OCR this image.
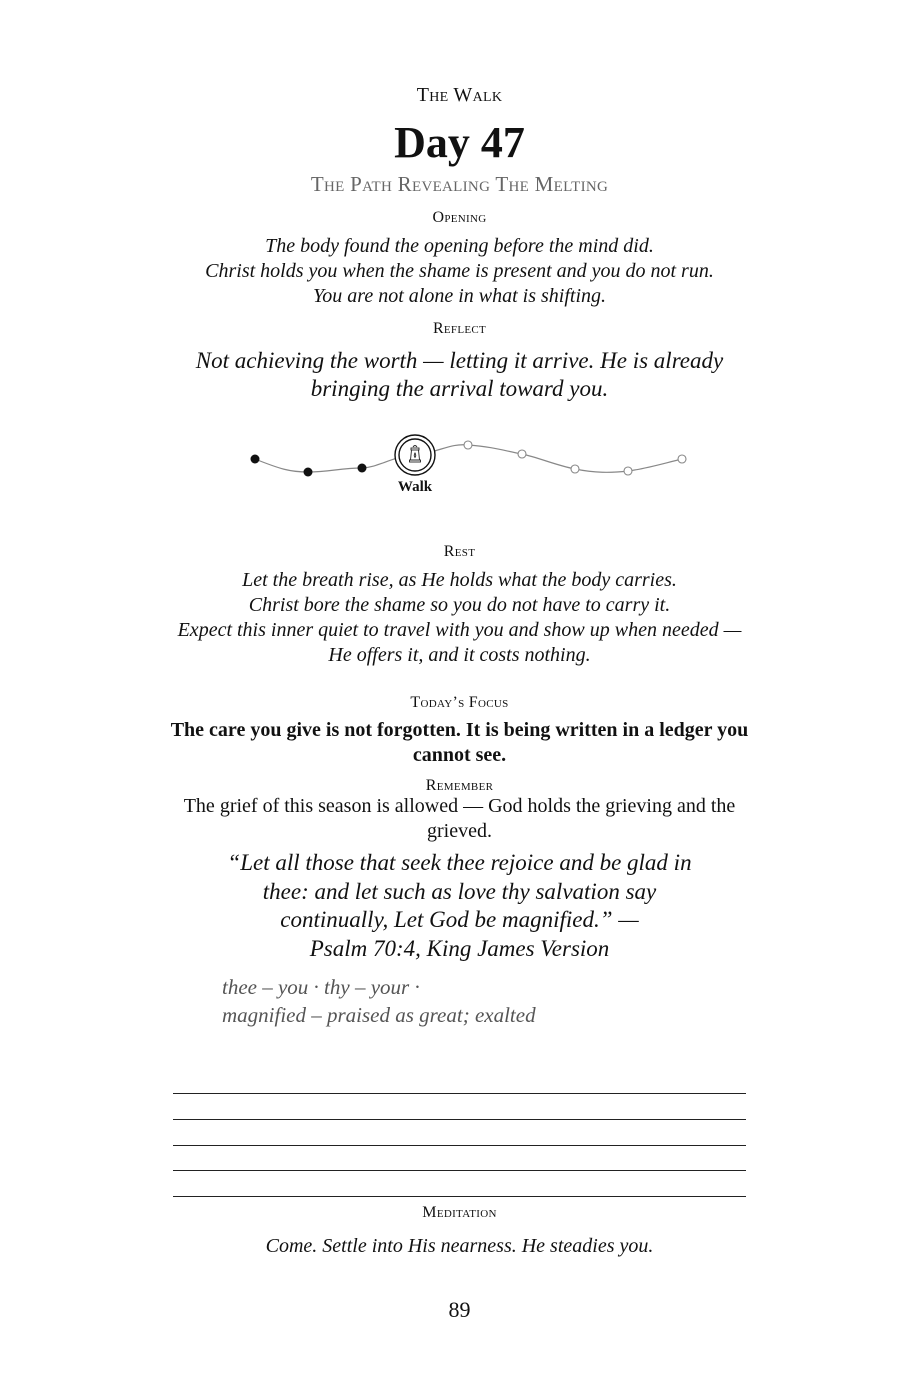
The Walk
Day 47
The Path Revealing The Melting
Opening
The body found the opening before the mind did.
Christ holds you when the shame is present and you do not run.
You are not alone in what is shifting.
Reflect
Not achieving the worth — letting it arrive. He is already
bringing the arrival toward you.
Walk
Rest
Let the breath rise, as He holds what the body carries.
Christ bore the shame so you do not have to carry it.
Expect this inner quiet to travel with you and show up when needed —
He offers it, and it costs nothing.
Today’s Focus
The care you give is not forgotten. It is being written in a ledger you cannot see.
Remember
The grief of this season is allowed — God holds the grieving and the grieved.
“Let all those that seek thee rejoice and be glad in
thee: and let such as love thy salvation say
continually, Let God be magnified.” —
Psalm 70:4, King James Version
thee – you · thy – your ·
magnified – praised as great; exalted
Meditation
Come. Settle into His nearness. He steadies you.
89
